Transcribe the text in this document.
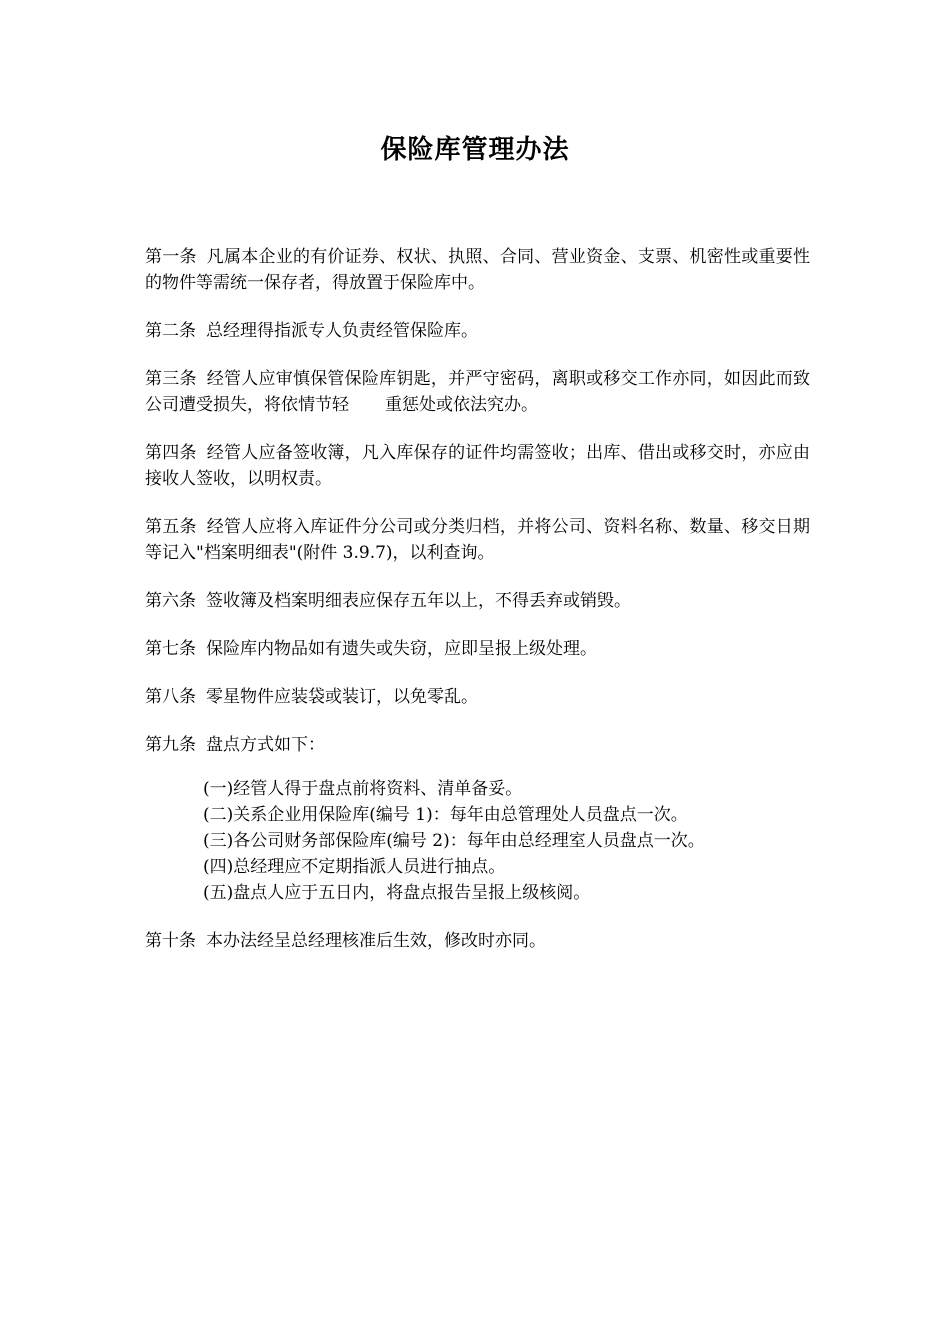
保险库管理办法

第一条 凡属本企业的有价证券、权状、执照、合同、营业资金、支票、机密性或重要性的物件等需统一保存者，得放置于保险库中。

第二条 总经理得指派专人负责经管保险库。

第三条 经管人应审慎保管保险库钥匙，并严守密码，离职或移交工作亦同，如因此而致公司遭受损失，将依情节轻 重惩处或依法究办。

第四条 经管人应备签收簿，凡入库保存的证件均需签收；出库、借出或移交时，亦应由接收人签收，以明权责。

第五条 经管人应将入库证件分公司或分类归档，并将公司、资料名称、数量、移交日期等记入"档案明细表"(附件 3.9.7)，以利查询。

第六条 签收簿及档案明细表应保存五年以上，不得丢弃或销毁。

第七条 保险库内物品如有遗失或失窃，应即呈报上级处理。

第八条 零星物件应装袋或装订，以免零乱。

第九条 盘点方式如下：

(一)经管人得于盘点前将资料、清单备妥。
(二)关系企业用保险库(编号 1)：每年由总管理处人员盘点一次。
(三)各公司财务部保险库(编号 2)：每年由总经理室人员盘点一次。
(四)总经理应不定期指派人员进行抽点。
(五)盘点人应于五日内，将盘点报告呈报上级核阅。

第十条 本办法经呈总经理核准后生效，修改时亦同。
